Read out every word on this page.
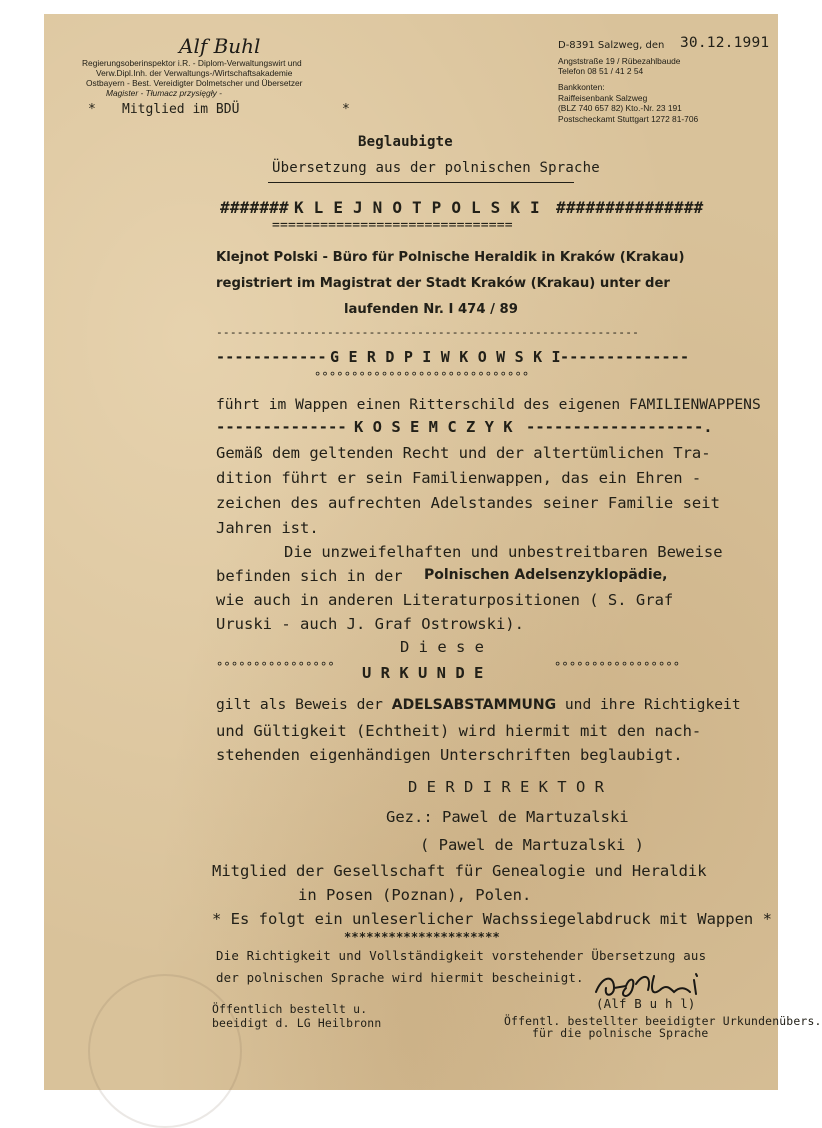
Alf Buhl
Regierungsoberinspektor i.R. - Diplom-Verwaltungswirt und
Verw.Dipl.Inh. der Verwaltungs-/Wirtschaftsakademie
Ostbayern - Best. Vereidigter Dolmetscher und Übersetzer
Magister - Tłumacz przysięgły -
* Mitglied im BDÜ	*
D-8391 Salzweg, den 30.12.1991
Angststraße 19 / Rübezahlbaude
Telefon 08 51 / 41 2 54
Bankkonten:
Raiffeisenbank Salzweg
(BLZ 740 657 82) Kto.-Nr. 23 191
Postscheckamt Stuttgart 1272 81-706
Beglaubigte
Übersetzung aus der polnischen Sprache
####### K L E J N O T P O L S K I ###############
==============================
Klejnot Polski - Büro für Polnische Heraldik in Kraków (Krakau)
registriert im Magistrat der Stadt Kraków (Krakau) unter der
laufenden Nr. I 474 / 89
-------------------------------------------------------------
------------ G E R D P I W K O W S K I --------------
°°°°°°°°°°°°°°°°°°°°°°°°°°°°°
führt im Wappen einen Ritterschild des eigenen FAMILIENWAPPENS
-------------- K O S E M C Z Y K -------------------.
Gemäß dem geltenden Recht und der altertümlichen Tra-
dition führt er sein Familienwappen, das ein Ehren -
zeichen des aufrechten Adelstandes seiner Familie seit
Jahren ist.
Die unzweifelhaften und unbestreitbaren Beweise
befinden sich in der Polnischen Adelsenzyklopädie,
wie auch in anderen Literaturpositionen ( S. Graf
Uruski - auch J. Graf Ostrowski).
D i e s e
°°°°°°°°°°°°°°°° U R K U N D E	°°°°°°°°°°°°°°°°°
gilt als Beweis der ADELSABSTAMMUNG und ihre Richtigkeit
und Gültigkeit (Echtheit) wird hiermit mit den nach-
stehenden eigenhändigen Unterschriften beglaubigt.
D E R D I R E K T O R
Gez.: Pawel de Martuzalski
( Pawel de Martuzalski )
Mitglied der Gesellschaft für Genealogie und Heraldik
in Posen (Poznan), Polen.
* Es folgt ein unleserlicher Wachssiegelabdruck mit Wappen *
*********************
Die Richtigkeit und Vollständigkeit vorstehender Übersetzung aus
der polnischen Sprache wird hiermit bescheinigt.
(Alf B u h l)
Öffentlich bestellt u.
beeidigt d. LG Heilbronn	Öffentl. bestellter beeidigter Urkundenübers.
für die polnische Sprache
